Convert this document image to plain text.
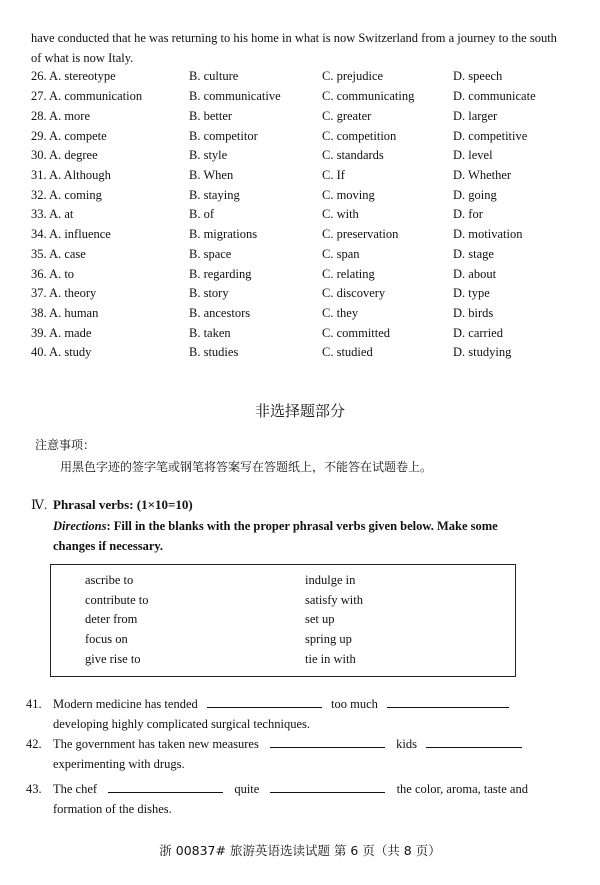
have conducted that he was returning to his home in what is now Switzerland from a journey to the south of what is now Italy.
26. A. stereotype	B. culture	C. prejudice	D. speech
27. A. communication	B. communicative	C. communicating	D. communicate
28. A. more	B. better	C. greater	D. larger
29. A. compete	B. competitor	C. competition	D. competitive
30. A. degree	B. style	C. standards	D. level
31. A. Although	B. When	C. If	D. Whether
32. A. coming	B. staying	C. moving	D. going
33. A. at	B. of	C. with	D. for
34. A. influence	B. migrations	C. preservation	D. motivation
35. A. case	B. space	C. span	D. stage
36. A. to	B. regarding	C. relating	D. about
37. A. theory	B. story	C. discovery	D. type
38. A. human	B. ancestors	C. they	D. birds
39. A. made	B. taken	C. committed	D. carried
40. A. study	B. studies	C. studied	D. studying
非选择题部分
注意事项：
用黑色字迹的签字笔或钢笔将答案写在答题纸上，不能答在试题卷上。
Ⅳ. Phrasal verbs: (1×10=10)
Directions: Fill in the blanks with the proper phrasal verbs given below. Make some changes if necessary.
ascribe to
contribute to
deter from
focus on
give rise to
indulge in
satisfy with
set up
spring up
tie in with
41. Modern medicine has tended	too much
developing highly complicated surgical techniques.
42. The government has taken new measures	kids
experimenting with drugs.
43. The chef	quite	the color, aroma, taste and
formation of the dishes.
浙 00837# 旅游英语选读试题 第 6 页（共 8 页）
